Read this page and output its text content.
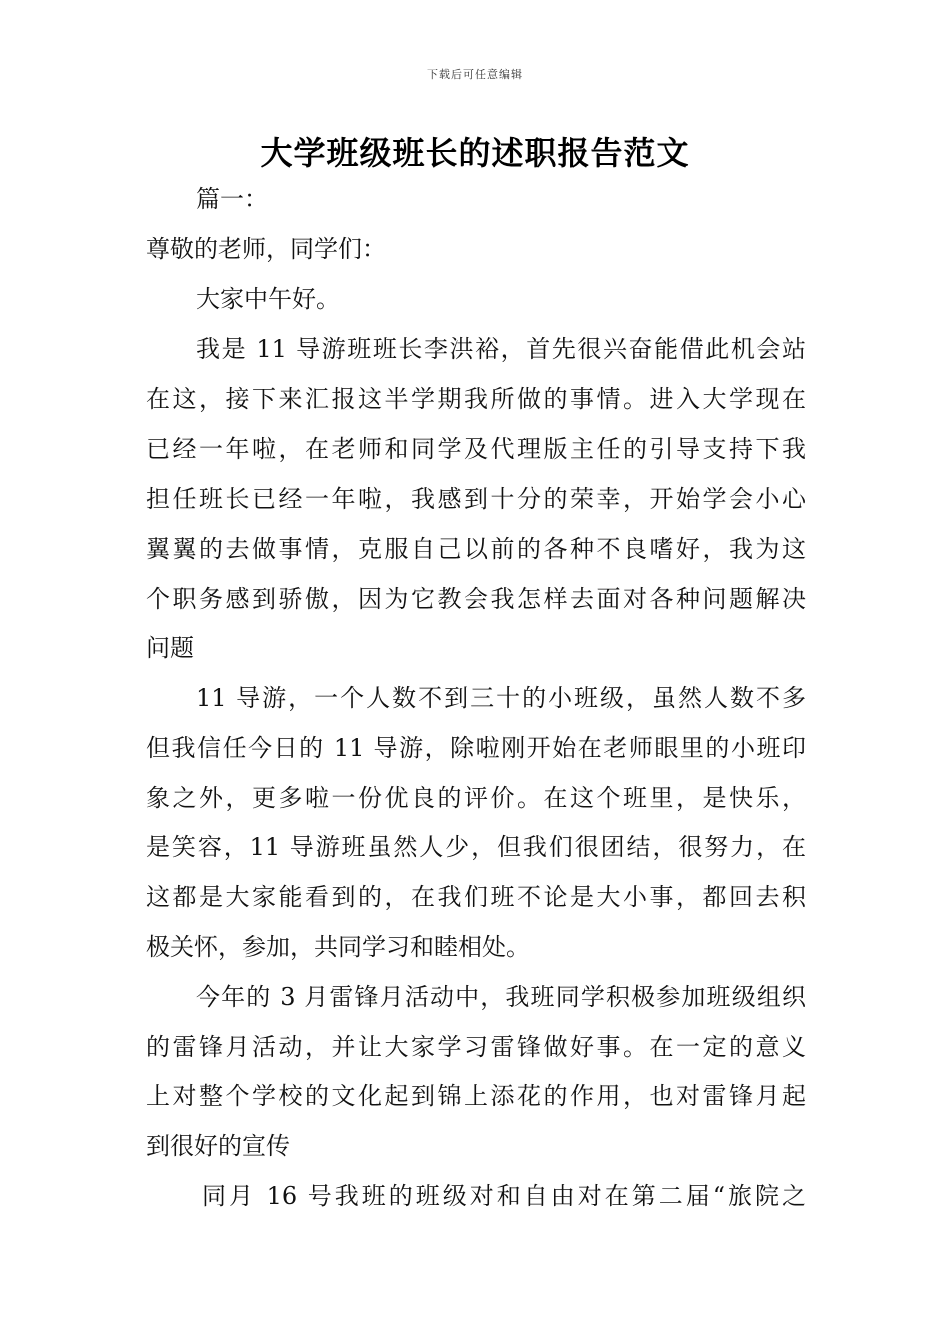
下载后可任意编辑
大学班级班长的述职报告范文
篇一：
尊敬的老师，同学们：
大家中午好。
我是 11 导游班班长李洪裕，首先很兴奋能借此机会站
在这，接下来汇报这半学期我所做的事情。进入大学现在
已经一年啦，在老师和同学及代理版主任的引导支持下我
担任班长已经一年啦，我感到十分的荣幸，开始学会小心
翼翼的去做事情，克服自己以前的各种不良嗜好，我为这
个职务感到骄傲，因为它教会我怎样去面对各种问题解决
问题
11 导游，一个人数不到三十的小班级，虽然人数不多
但我信任今日的 11 导游，除啦刚开始在老师眼里的小班印
象之外，更多啦一份优良的评价。在这个班里，是快乐，
是笑容，11 导游班虽然人少，但我们很团结，很努力，在
这都是大家能看到的，在我们班不论是大小事，都回去积
极关怀，参加，共同学习和睦相处。
今年的 3 月雷锋月活动中，我班同学积极参加班级组织
的雷锋月活动，并让大家学习雷锋做好事。在一定的意义
上对整个学校的文化起到锦上添花的作用，也对雷锋月起
到很好的宣传
同月 16 号我班的班级对和自由对在第二届“旅院之
